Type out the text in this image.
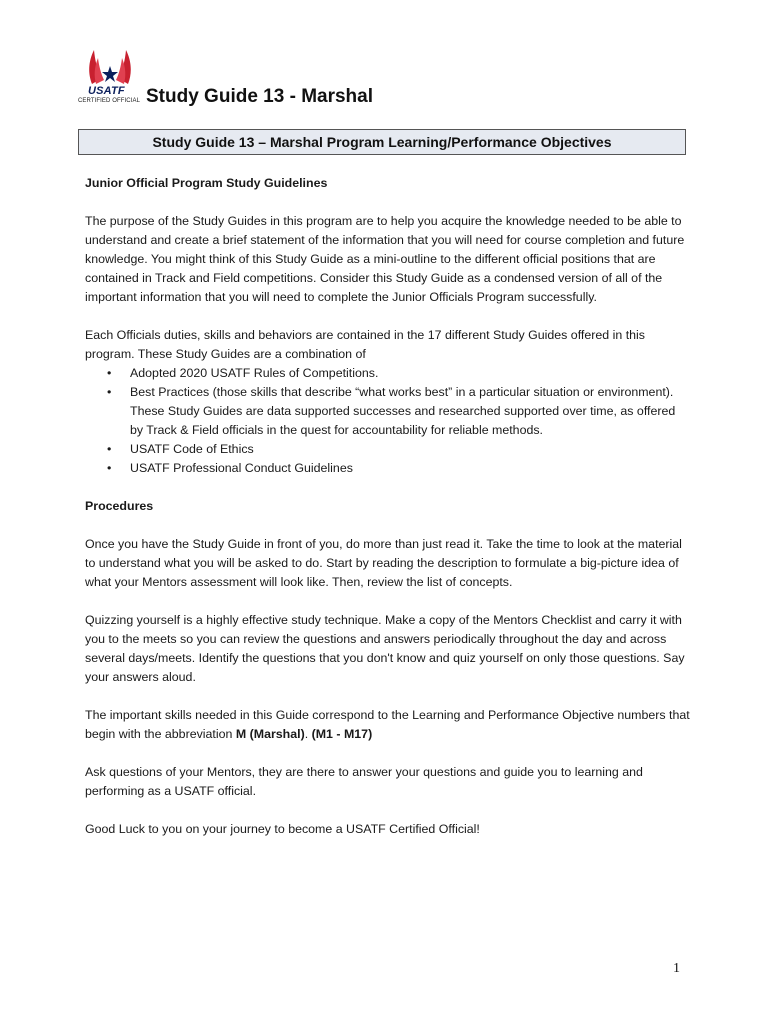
USATF
CERTIFIED OFFICIAL Study Guide 13 - Marshal
Study Guide 13 – Marshal Program Learning/Performance Objectives
Junior Official Program Study Guidelines

The purpose of the Study Guides in this program are to help you acquire the knowledge needed to be able to understand and create a brief statement of the information that you will need for course completion and future knowledge. You might think of this Study Guide as a mini-outline to the different official positions that are contained in Track and Field competitions. Consider this Study Guide as a condensed version of all of the important information that you will need to complete the Junior Officials Program successfully.

Each Officials duties, skills and behaviors are contained in the 17 different Study Guides offered in this program. These Study Guides are a combination of

• Adopted 2020 USATF Rules of Competitions.
• Best Practices (those skills that describe “what works best” in a particular situation or environment). These Study Guides are data supported successes and researched supported over time, as offered by Track & Field officials in the quest for accountability for reliable methods.
• USATF Code of Ethics
• USATF Professional Conduct Guidelines
Procedures

Once you have the Study Guide in front of you, do more than just read it. Take the time to look at the material to understand what you will be asked to do. Start by reading the description to formulate a big-picture idea of what your Mentors assessment will look like. Then, review the list of concepts.

Quizzing yourself is a highly effective study technique. Make a copy of the Mentors Checklist and carry it with you to the meets so you can review the questions and answers periodically throughout the day and across several days/meets. Identify the questions that you don't know and quiz yourself on only those questions. Say your answers aloud.

The important skills needed in this Guide correspond to the Learning and Performance Objective numbers that begin with the abbreviation M (Marshal). (M1 - M17)

Ask questions of your Mentors, they are there to answer your questions and guide you to learning and performing as a USATF official.

Good Luck to you on your journey to become a USATF Certified Official!

1
